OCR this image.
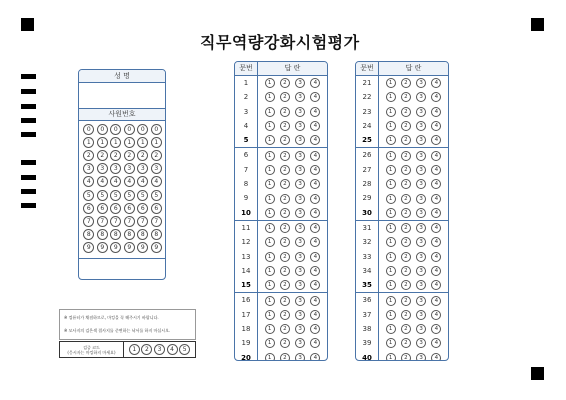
직무역량강화시험평가
성 명
사원번호
0	0	0	0	0	0
1	1	1	1	1	1
2	2	2	2	2	2
3	3	3	3	3	3
4	4	4	4	4	4
5	5	5	5	5	5
6	6	6	6	6	6
7	7	7	7	7	7
8	8	8	8	8	8
9	9	9	9	9	9

※ 컴퓨터가 채점하므로, 마킹을 꼭 해주시기 바랍니다.

※ 모사지의 검은색 접사지를 준변하는 낙서를 하지 마십시오.

검증 코드
(응시자는 마킹하지 마세요)	1	2	3	4	5
문번	답 란
1	1	2	3	4
2	1	2	3	4
3	1	2	3	4
4	1	2	3	4
5	1	2	3	4
6	1	2	3	4
7	1	2	3	4
8	1	2	3	4
9	1	2	3	4
10	1	2	3	4
11	1	2	3	4
12	1	2	3	4
13	1	2	3	4
14	1	2	3	4
15	1	2	3	4
16	1	2	3	4
17	1	2	3	4
18	1	2	3	4
19	1	2	3	4
20	1	2	3	4
문번	답 란
21	1	2	3	4
22	1	2	3	4
23	1	2	3	4
24	1	2	3	4
25	1	2	3	4
26	1	2	3	4
27	1	2	3	4
28	1	2	3	4
29	1	2	3	4
30	1	2	3	4
31	1	2	3	4
32	1	2	3	4
33	1	2	3	4
34	1	2	3	4
35	1	2	3	4
36	1	2	3	4
37	1	2	3	4
38	1	2	3	4
39	1	2	3	4
40	1	2	3	4
